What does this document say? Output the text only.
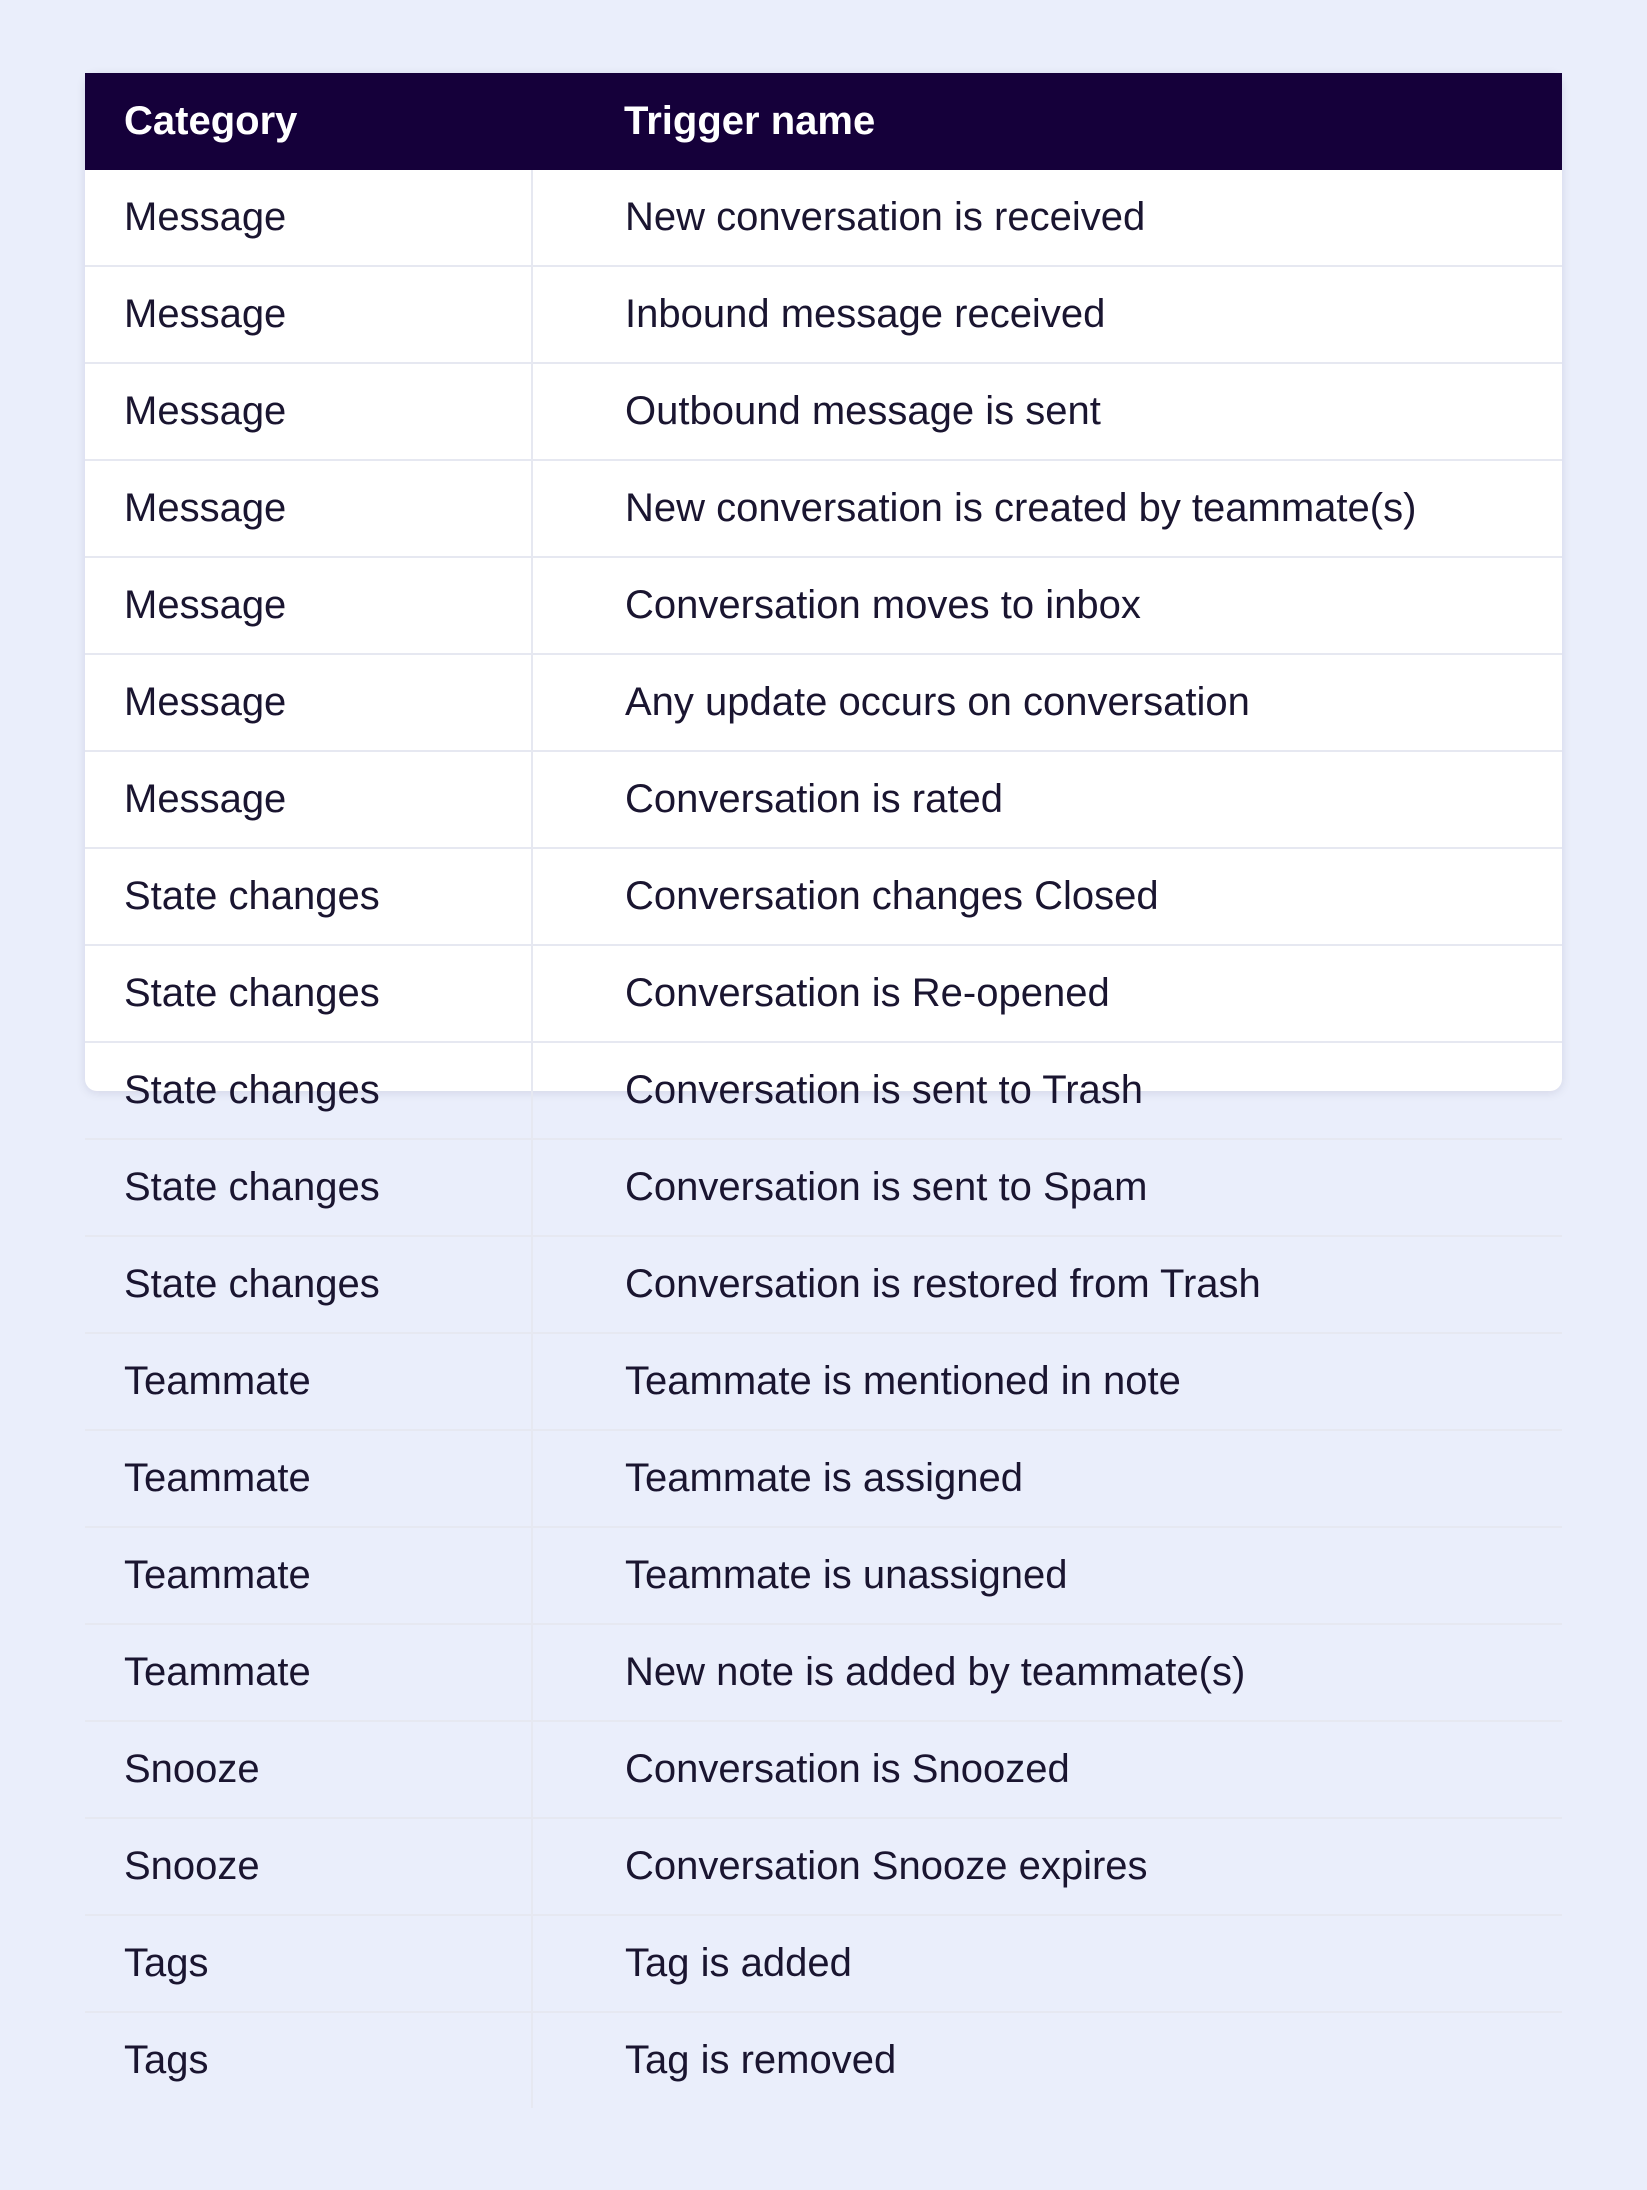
Category	Trigger name
Message	New conversation is received
Message	Inbound message received
Message	Outbound message is sent
Message	New conversation is created by teammate(s)
Message	Conversation moves to inbox
Message	Any update occurs on conversation
Message	Conversation is rated
State changes	Conversation changes Closed
State changes	Conversation is Re-opened
State changes	Conversation is sent to Trash
State changes	Conversation is sent to Spam
State changes	Conversation is restored from Trash
Teammate	Teammate is mentioned in note
Teammate	Teammate is assigned
Teammate	Teammate is unassigned
Teammate	New note is added by teammate(s)
Snooze	Conversation is Snoozed
Snooze	Conversation Snooze expires
Tags	Tag is added
Tags	Tag is removed
